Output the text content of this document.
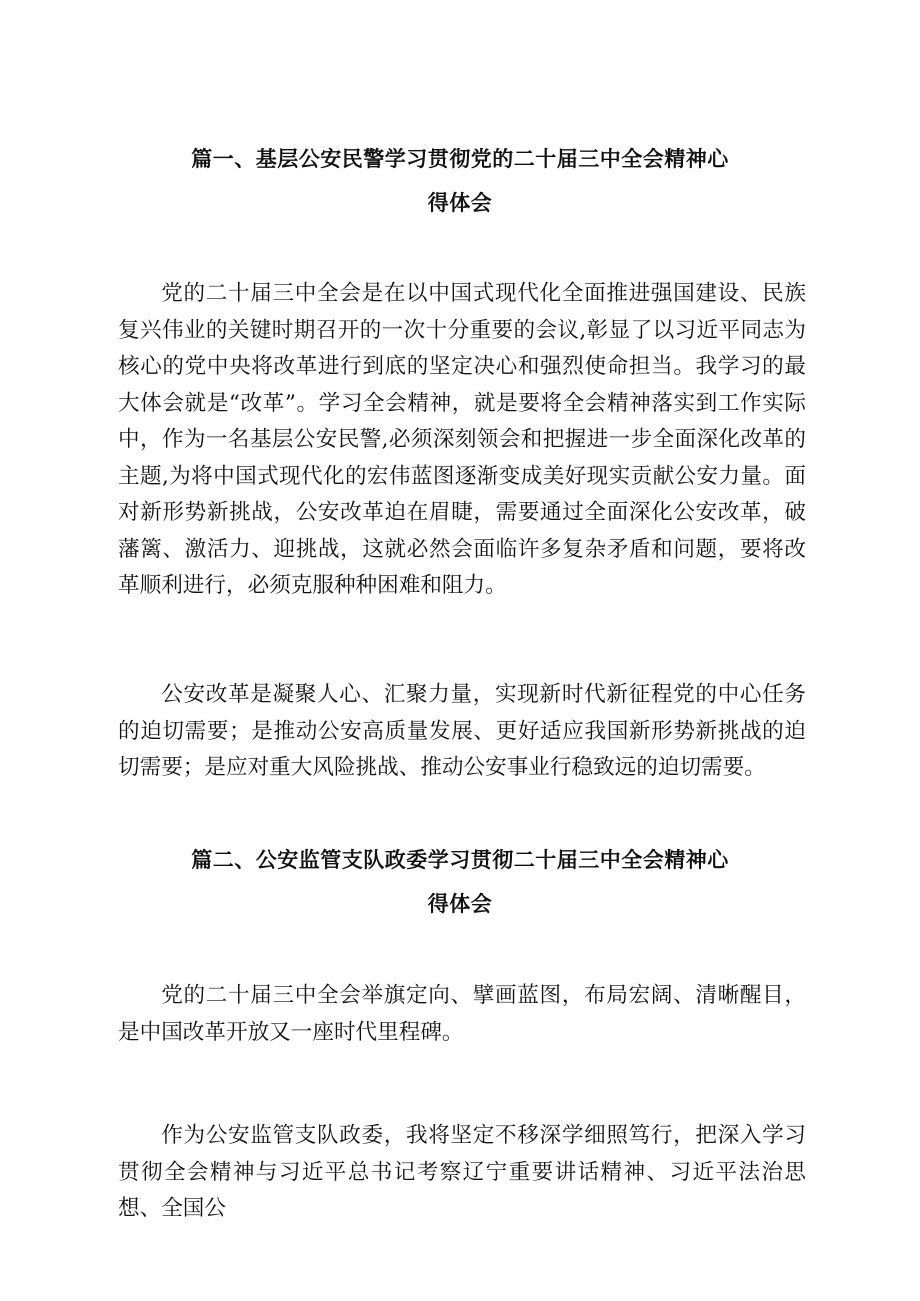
篇一、基层公安民警学习贯彻党的二十届三中全会精神心
得体会
党的二十届三中全会是在以中国式现代化全面推进强国建设、民族复兴伟业的关键时期召开的一次十分重要的会议,彰显了以习近平同志为核心的党中央将改革进行到底的坚定决心和强烈使命担当。我学习的最大体会就是“改革”。学习全会精神，就是要将全会精神落实到工作实际中，作为一名基层公安民警,必须深刻领会和把握进一步全面深化改革的主题,为将中国式现代化的宏伟蓝图逐渐变成美好现实贡献公安力量。面对新形势新挑战，公安改革迫在眉睫，需要通过全面深化公安改革，破藩篱、激活力、迎挑战，这就必然会面临许多复杂矛盾和问题，要将改革顺利进行，必须克服种种困难和阻力。
公安改革是凝聚人心、汇聚力量，实现新时代新征程党的中心任务的迫切需要；是推动公安高质量发展、更好适应我国新形势新挑战的迫切需要；是应对重大风险挑战、推动公安事业行稳致远的迫切需要。
篇二、公安监管支队政委学习贯彻二十届三中全会精神心
得体会
党的二十届三中全会举旗定向、擘画蓝图，布局宏阔、清晰醒目，是中国改革开放又一座时代里程碑。
作为公安监管支队政委，我将坚定不移深学细照笃行，把深入学习贯彻全会精神与习近平总书记考察辽宁重要讲话精神、习近平法治思想、全国公
